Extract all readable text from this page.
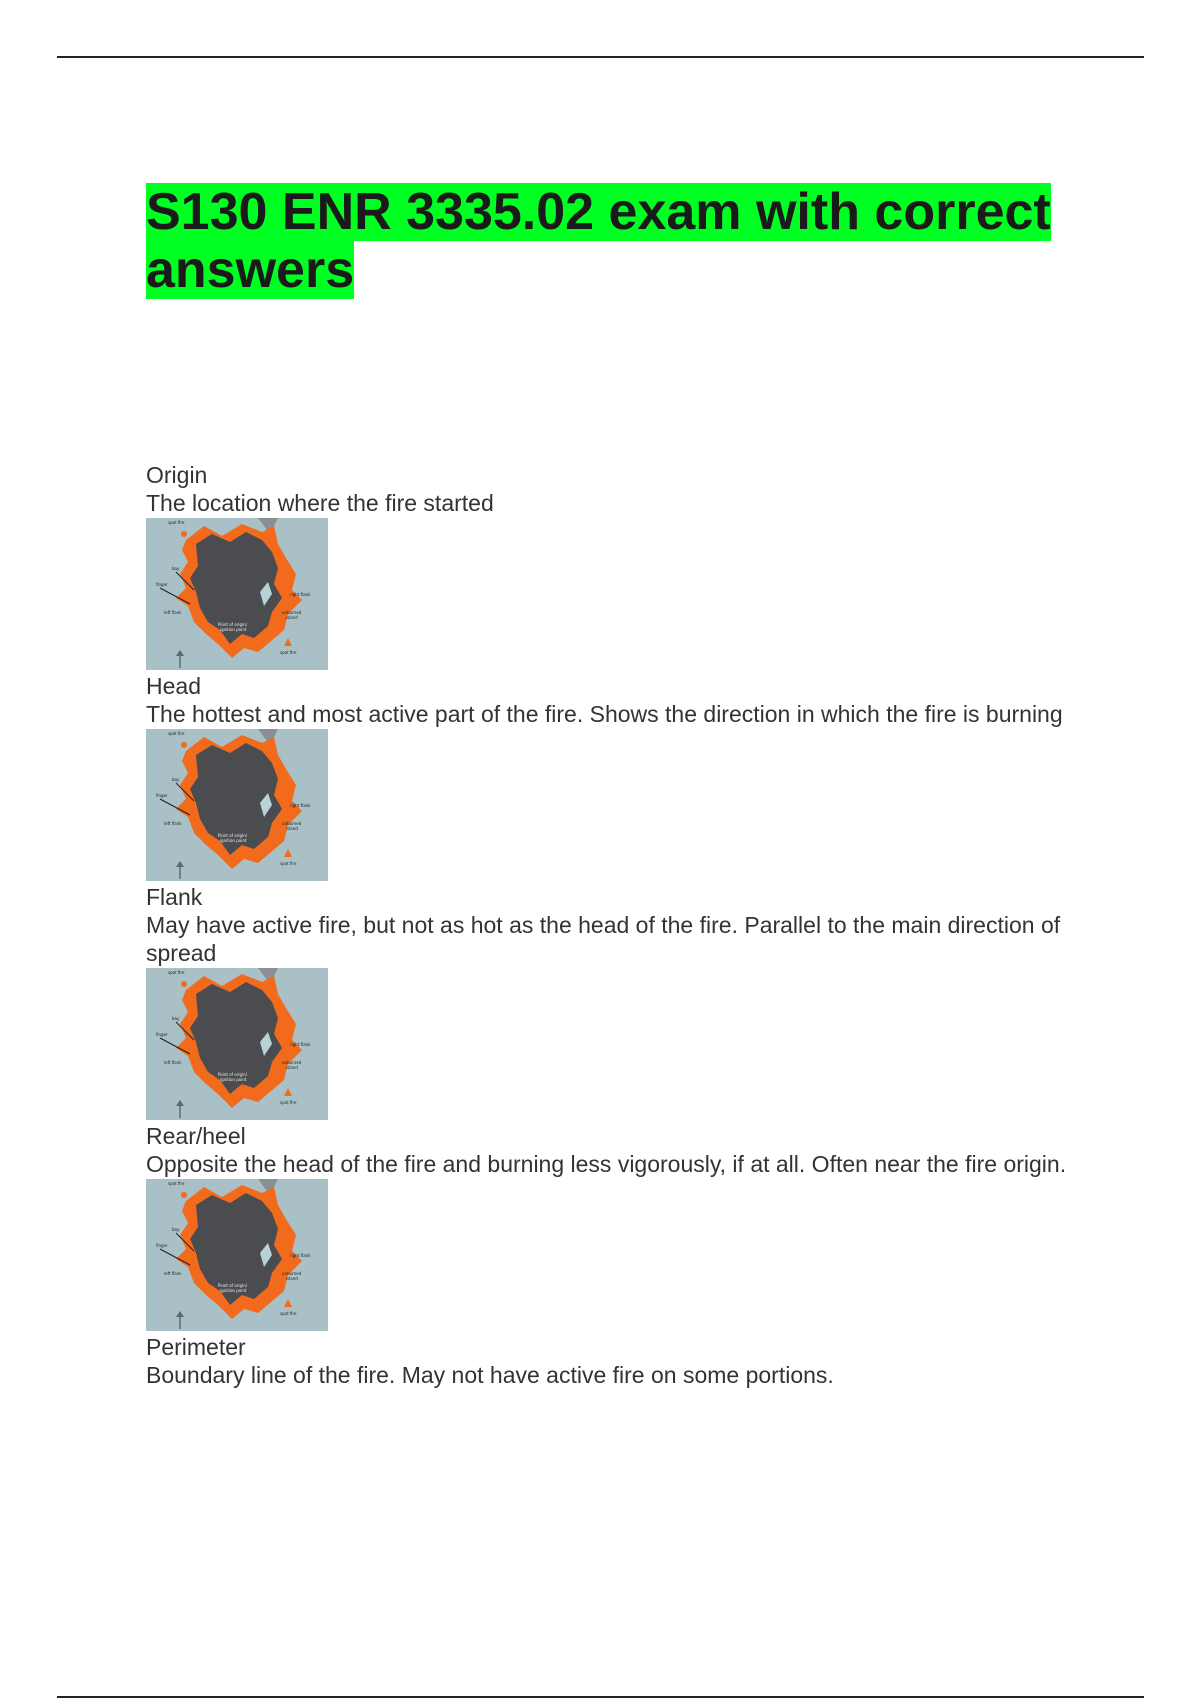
S130 ENR 3335.02 exam with correct answers
Origin
The location where the fire started
spot fire
bay
finger
left flank
right flank
unburned
island
Point of origin/
ignition point
spot fire
Head
The hottest and most active part of the fire. Shows the direction in which the fire is burning
spot fire
bay
finger
left flank
right flank
unburned
island
Point of origin/
ignition point
spot fire
Flank
May have active fire, but not as hot as the head of the fire. Parallel to the main direction of spread
spot fire
bay
finger
left flank
right flank
unburned
island
Point of origin/
ignition point
spot fire
Rear/heel
Opposite the head of the fire and burning less vigorously, if at all. Often near the fire origin.
spot fire
bay
finger
left flank
right flank
unburned
island
Point of origin/
ignition point
spot fire
Perimeter
Boundary line of the fire. May not have active fire on some portions.
